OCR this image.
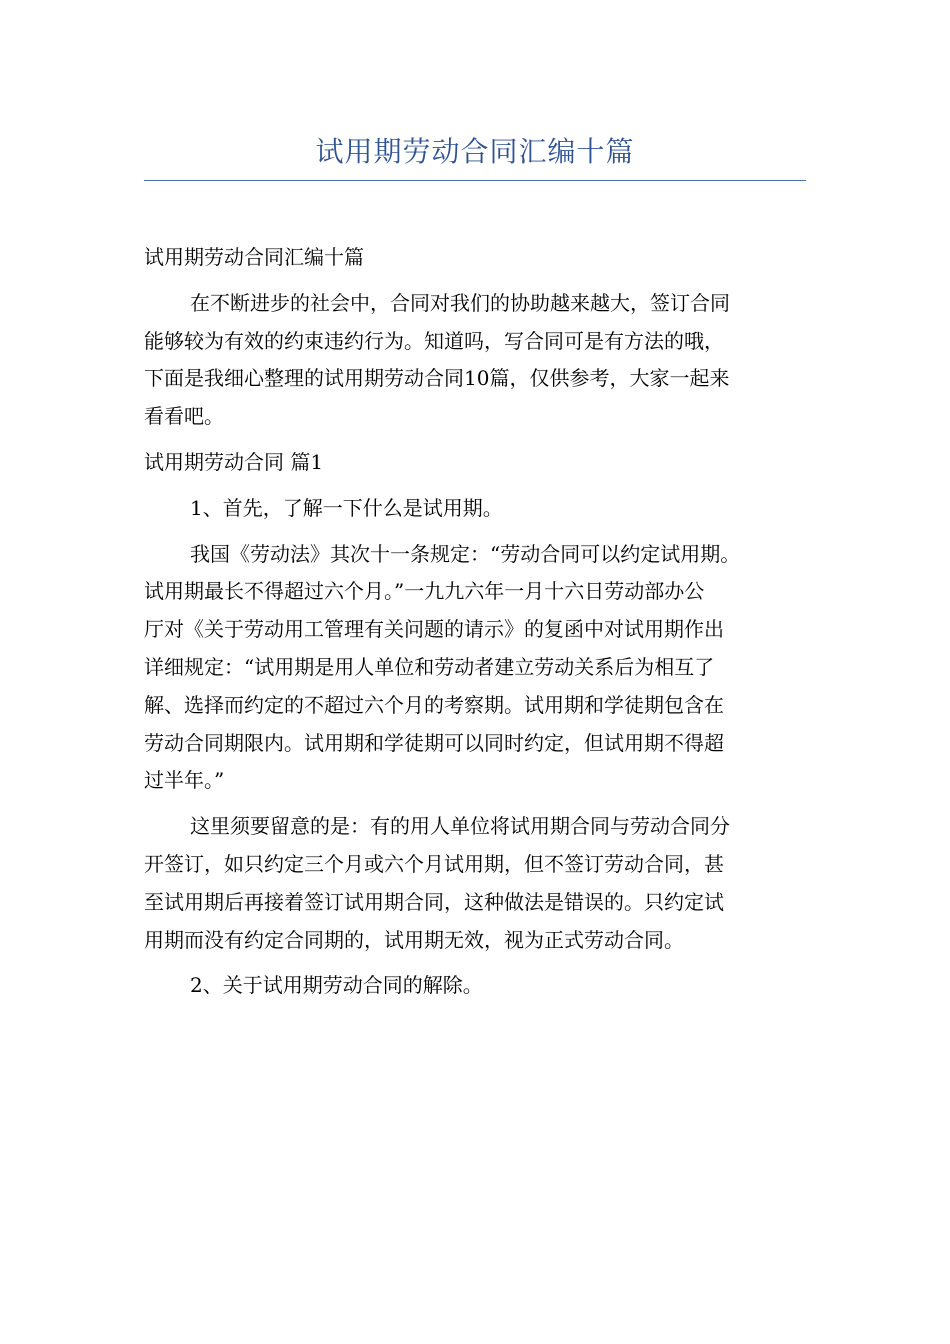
试用期劳动合同汇编十篇

试用期劳动合同汇编十篇

在不断进步的社会中，合同对我们的协助越来越大，签订合同

能够较为有效的约束违约行为。知道吗，写合同可是有方法的哦，

下面是我细心整理的试用期劳动合同10篇，仅供参考，大家一起来

看看吧。

试用期劳动合同 篇1

1、首先，了解一下什么是试用期。

我国《劳动法》其次十一条规定：“劳动合同可以约定试用期。

试用期最长不得超过六个月。”一九九六年一月十六日劳动部办公

厅对《关于劳动用工管理有关问题的请示》的复函中对试用期作出

详细规定：“试用期是用人单位和劳动者建立劳动关系后为相互了

解、选择而约定的不超过六个月的考察期。试用期和学徒期包含在

劳动合同期限内。试用期和学徒期可以同时约定，但试用期不得超

过半年。”

这里须要留意的是：有的用人单位将试用期合同与劳动合同分

开签订，如只约定三个月或六个月试用期，但不签订劳动合同，甚

至试用期后再接着签订试用期合同，这种做法是错误的。只约定试

用期而没有约定合同期的，试用期无效，视为正式劳动合同。

2、关于试用期劳动合同的解除。
